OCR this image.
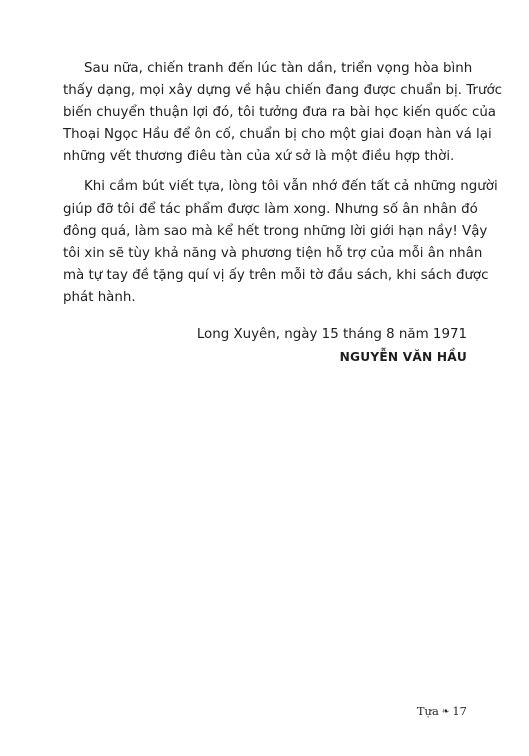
Sau nữa, chiến tranh đến lúc tàn dần, triển vọng hòa bình
thấy dạng, mọi xây dựng về hậu chiến đang được chuẩn bị. Trước
biến chuyển thuận lợi đó, tôi tưởng đưa ra bài học kiến quốc của
Thoại Ngọc Hầu để ôn cố, chuẩn bị cho một giai đoạn hàn vá lại
những vết thương điêu tàn của xứ sở là một điều hợp thời.
Khi cầm bút viết tựa, lòng tôi vẫn nhớ đến tất cả những người
giúp đỡ tôi để tác phẩm được làm xong. Nhưng số ân nhân đó
đông quá, làm sao mà kể hết trong những lời giới hạn nầy! Vậy
tôi xin sẽ tùy khả năng và phương tiện hỗ trợ của mỗi ân nhân
mà tự tay đề tặng quí vị ấy trên mỗi tờ đầu sách, khi sách được
phát hành.
Long Xuyên, ngày 15 tháng 8 năm 1971
NGUYỄN VĂN HẦU
Tựa ❧ 17
